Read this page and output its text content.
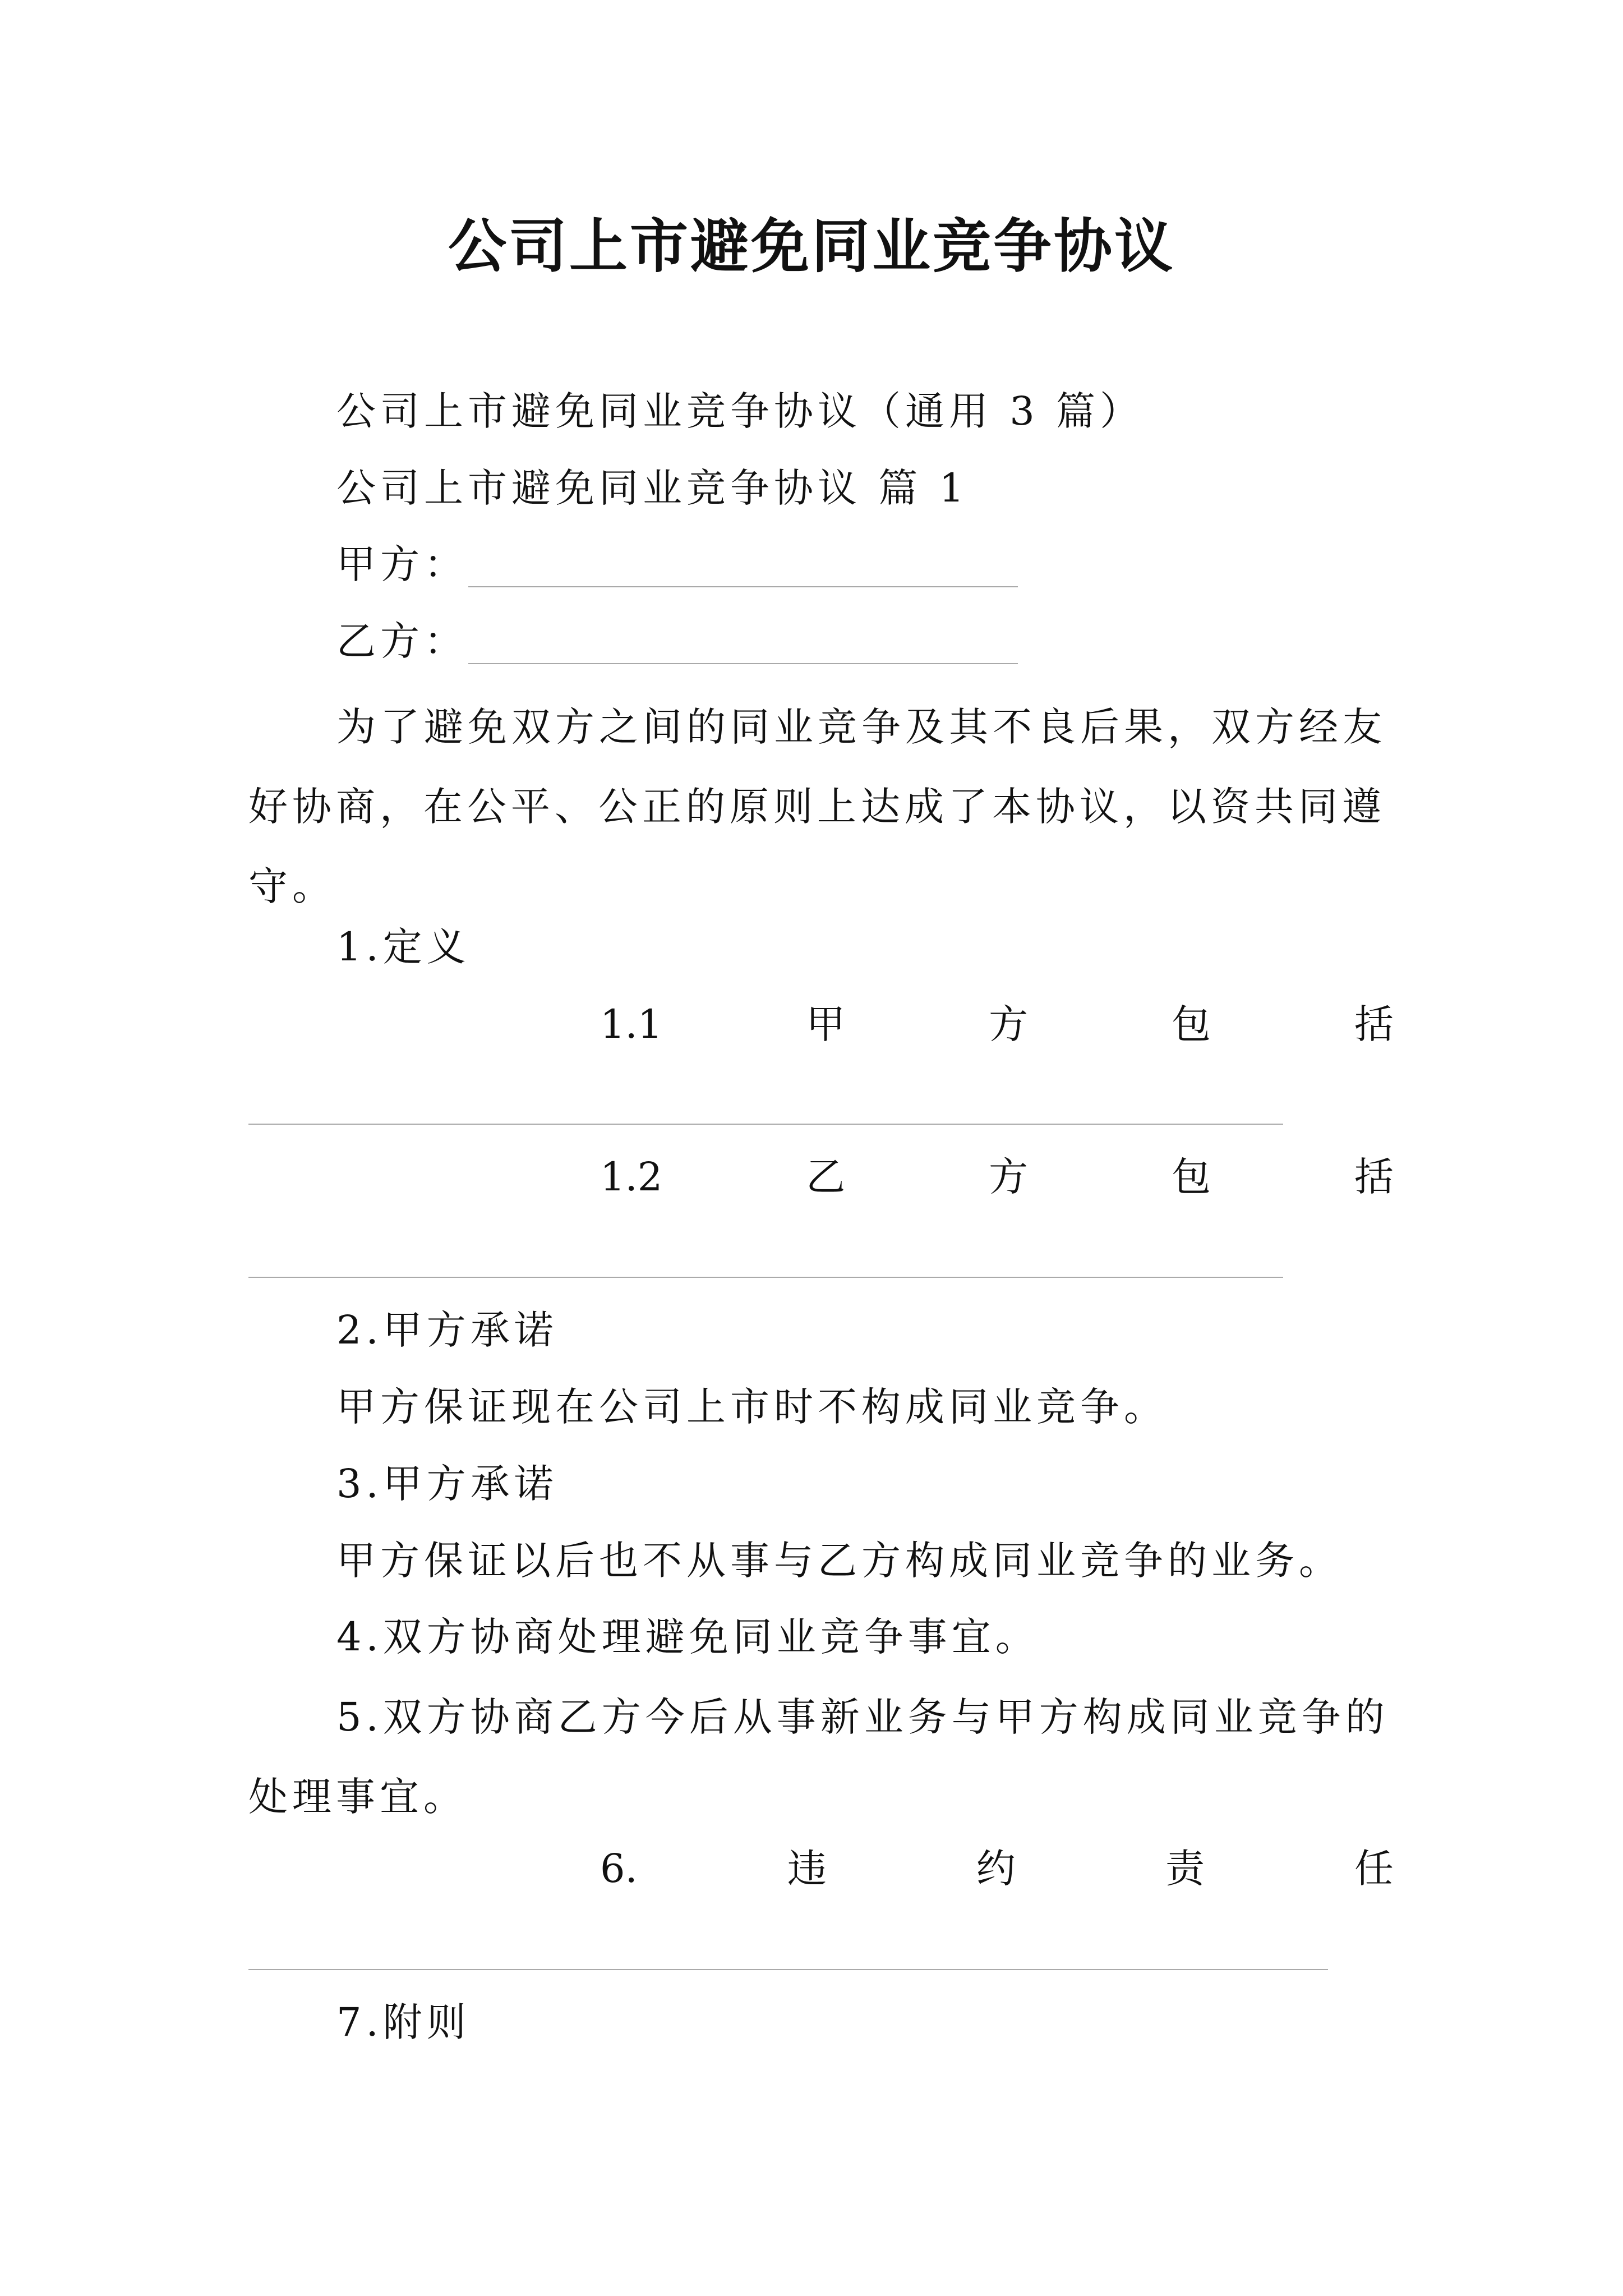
公司上市避免同业竞争协议
公司上市避免同业竞争协议（通用 3 篇）
公司上市避免同业竞争协议 篇 1
甲方：
乙方：
为了避免双方之间的同业竞争及其不良后果，双方经友好协商，在公平、公正的原则上达成了本协议，以资共同遵守。
1.定义
1.1	甲	方	包	括
1.2	乙	方	包	括
2.甲方承诺
甲方保证现在公司上市时不构成同业竞争。
3.甲方承诺
甲方保证以后也不从事与乙方构成同业竞争的业务。
4.双方协商处理避免同业竞争事宜。
5.双方协商乙方今后从事新业务与甲方构成同业竞争的处理事宜。
6.	违	约	责	任
7.附则
